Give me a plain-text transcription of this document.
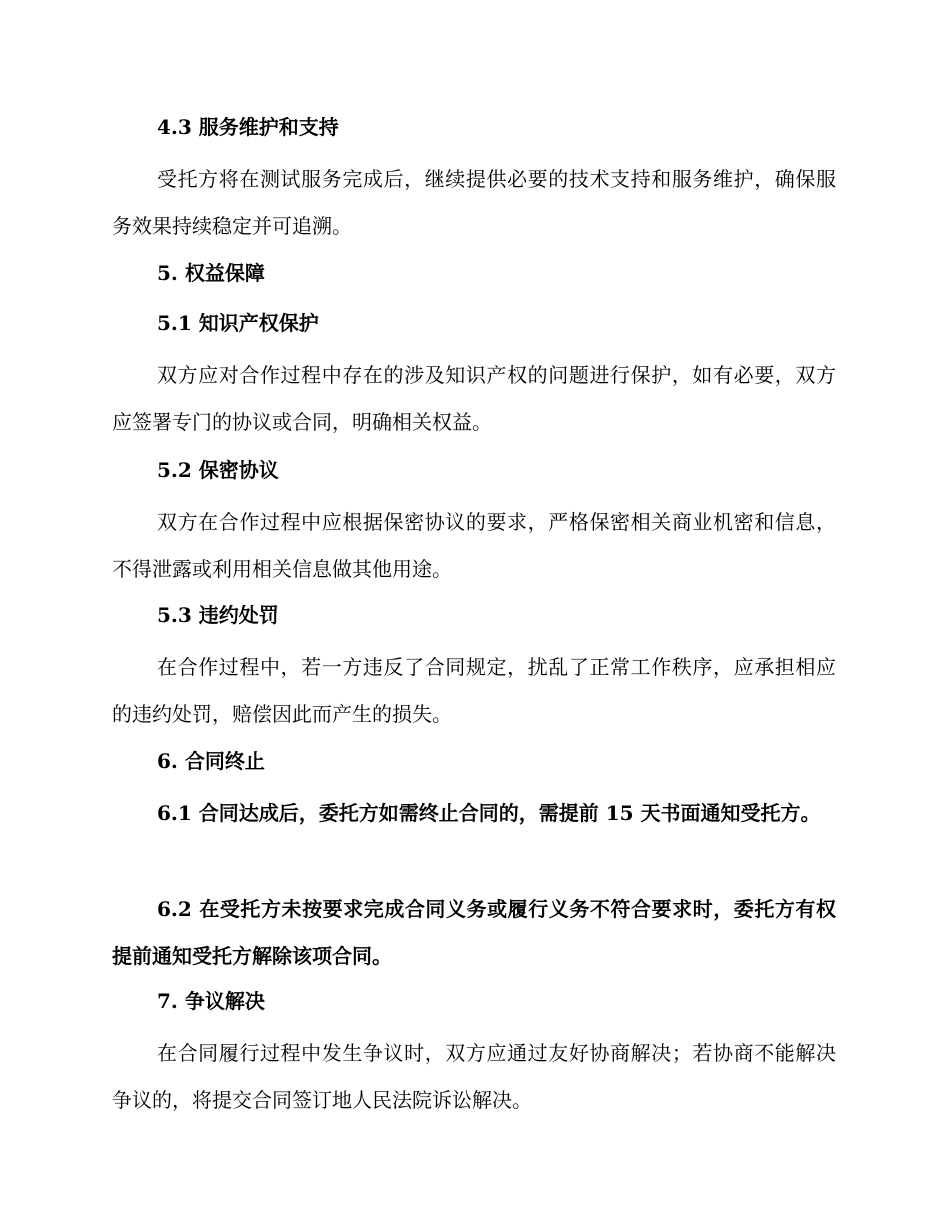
4.3 服务维护和支持

受托方将在测试服务完成后，继续提供必要的技术支持和服务维护，确保服务效果持续稳定并可追溯。

5. 权益保障

5.1 知识产权保护

双方应对合作过程中存在的涉及知识产权的问题进行保护，如有必要，双方应签署专门的协议或合同，明确相关权益。

5.2 保密协议

双方在合作过程中应根据保密协议的要求，严格保密相关商业机密和信息，不得泄露或利用相关信息做其他用途。

5.3 违约处罚

在合作过程中，若一方违反了合同规定，扰乱了正常工作秩序，应承担相应的违约处罚，赔偿因此而产生的损失。

6. 合同终止

6.1 合同达成后，委托方如需终止合同的，需提前 15 天书面通知受托方。

6.2 在受托方未按要求完成合同义务或履行义务不符合要求时，委托方有权提前通知受托方解除该项合同。

7. 争议解决

在合同履行过程中发生争议时，双方应通过友好协商解决；若协商不能解决争议的，将提交合同签订地人民法院诉讼解决。
